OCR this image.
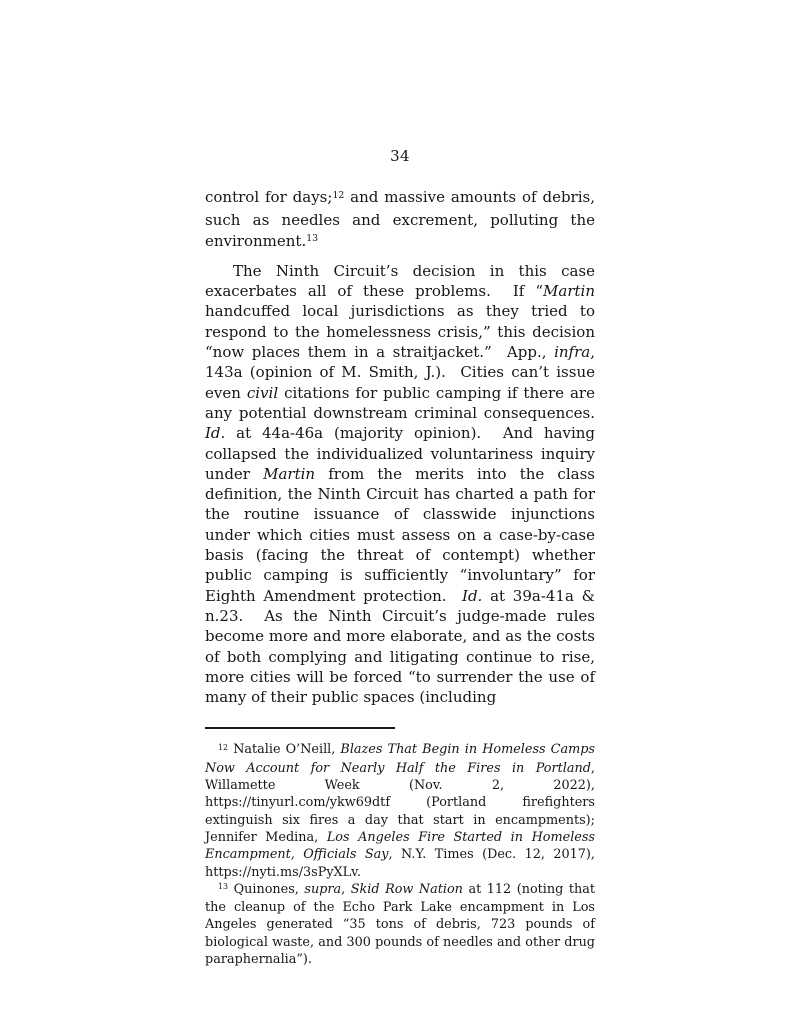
34
control for days;$^{12}$ and massive amounts of debris, such as needles and excrement, polluting the environment.$^{13}$
The Ninth Circuit’s decision in this case exacerbates all of these problems.  If “Martin handcuffed local jurisdictions as they tried to respond to the homelessness crisis,” this decision “now places them in a straitjacket.”  App., infra, 143a (opinion of M. Smith, J.).  Cities can’t issue even civil citations for public camping if there are any potential downstream criminal consequences.  Id. at 44a-46a (majority opinion).  And having collapsed the individualized voluntariness inquiry under Martin from the merits into the class definition, the Ninth Circuit has charted a path for the routine issuance of classwide injunctions under which cities must assess on a case-by-case basis (facing the threat of contempt) whether public camping is sufficiently “involuntary” for Eighth Amendment protection.  Id. at 39a-41a & n.23.  As the Ninth Circuit’s judge-made rules become more and more elaborate, and as the costs of both complying and litigating continue to rise, more cities will be forced “to surrender the use of many of their public spaces (including
$^{12}$ Natalie O’Neill, Blazes That Begin in Homeless Camps Now Account for Nearly Half the Fires in Portland, Willamette Week (Nov. 2, 2022), https://tinyurl.com/ykw69dtf (Portland firefighters extinguish six fires a day that start in encampments); Jennifer Medina, Los Angeles Fire Started in Homeless Encampment, Officials Say, N.Y. Times (Dec. 12, 2017), https://nyti.ms/3sPyXLv.
$^{13}$ Quinones, supra, Skid Row Nation at 112 (noting that the cleanup of the Echo Park Lake encampment in Los Angeles generated “35 tons of debris, 723 pounds of biological waste, and 300 pounds of needles and other drug paraphernalia”).
